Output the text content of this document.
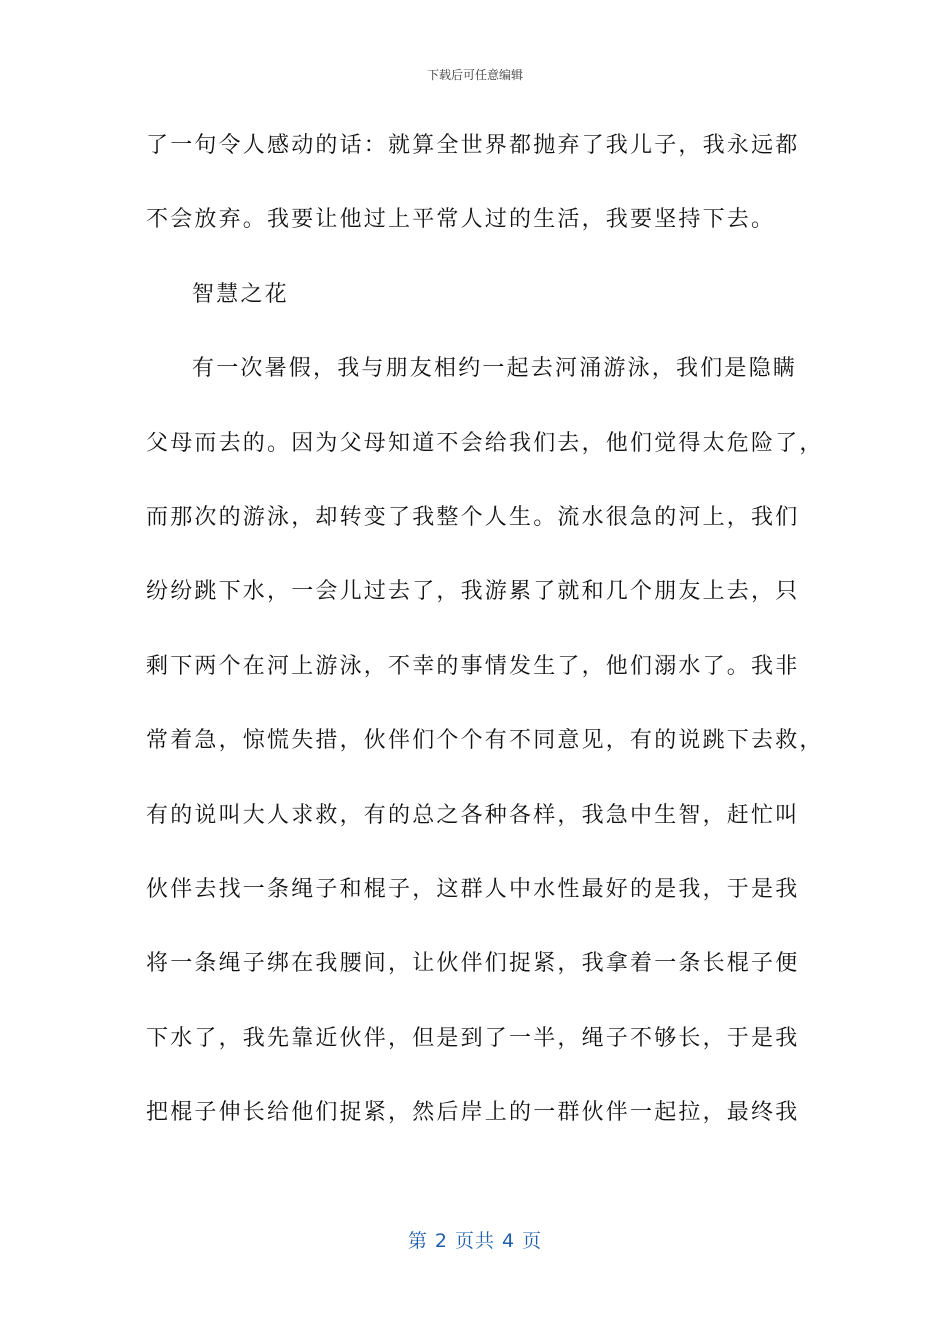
下载后可任意编辑
了一句令人感动的话：就算全世界都抛弃了我儿子，我永远都
不会放弃。我要让他过上平常人过的生活，我要坚持下去。
智慧之花
有一次暑假，我与朋友相约一起去河涌游泳，我们是隐瞒
父母而去的。因为父母知道不会给我们去，他们觉得太危险了，
而那次的游泳，却转变了我整个人生。流水很急的河上，我们
纷纷跳下水，一会儿过去了，我游累了就和几个朋友上去，只
剩下两个在河上游泳，不幸的事情发生了，他们溺水了。我非
常着急，惊慌失措，伙伴们个个有不同意见，有的说跳下去救，
有的说叫大人求救，有的总之各种各样，我急中生智，赶忙叫
伙伴去找一条绳子和棍子，这群人中水性最好的是我，于是我
将一条绳子绑在我腰间，让伙伴们捉紧，我拿着一条长棍子便
下水了，我先靠近伙伴，但是到了一半，绳子不够长，于是我
把棍子伸长给他们捉紧，然后岸上的一群伙伴一起拉，最终我
第 2 页共 4 页
